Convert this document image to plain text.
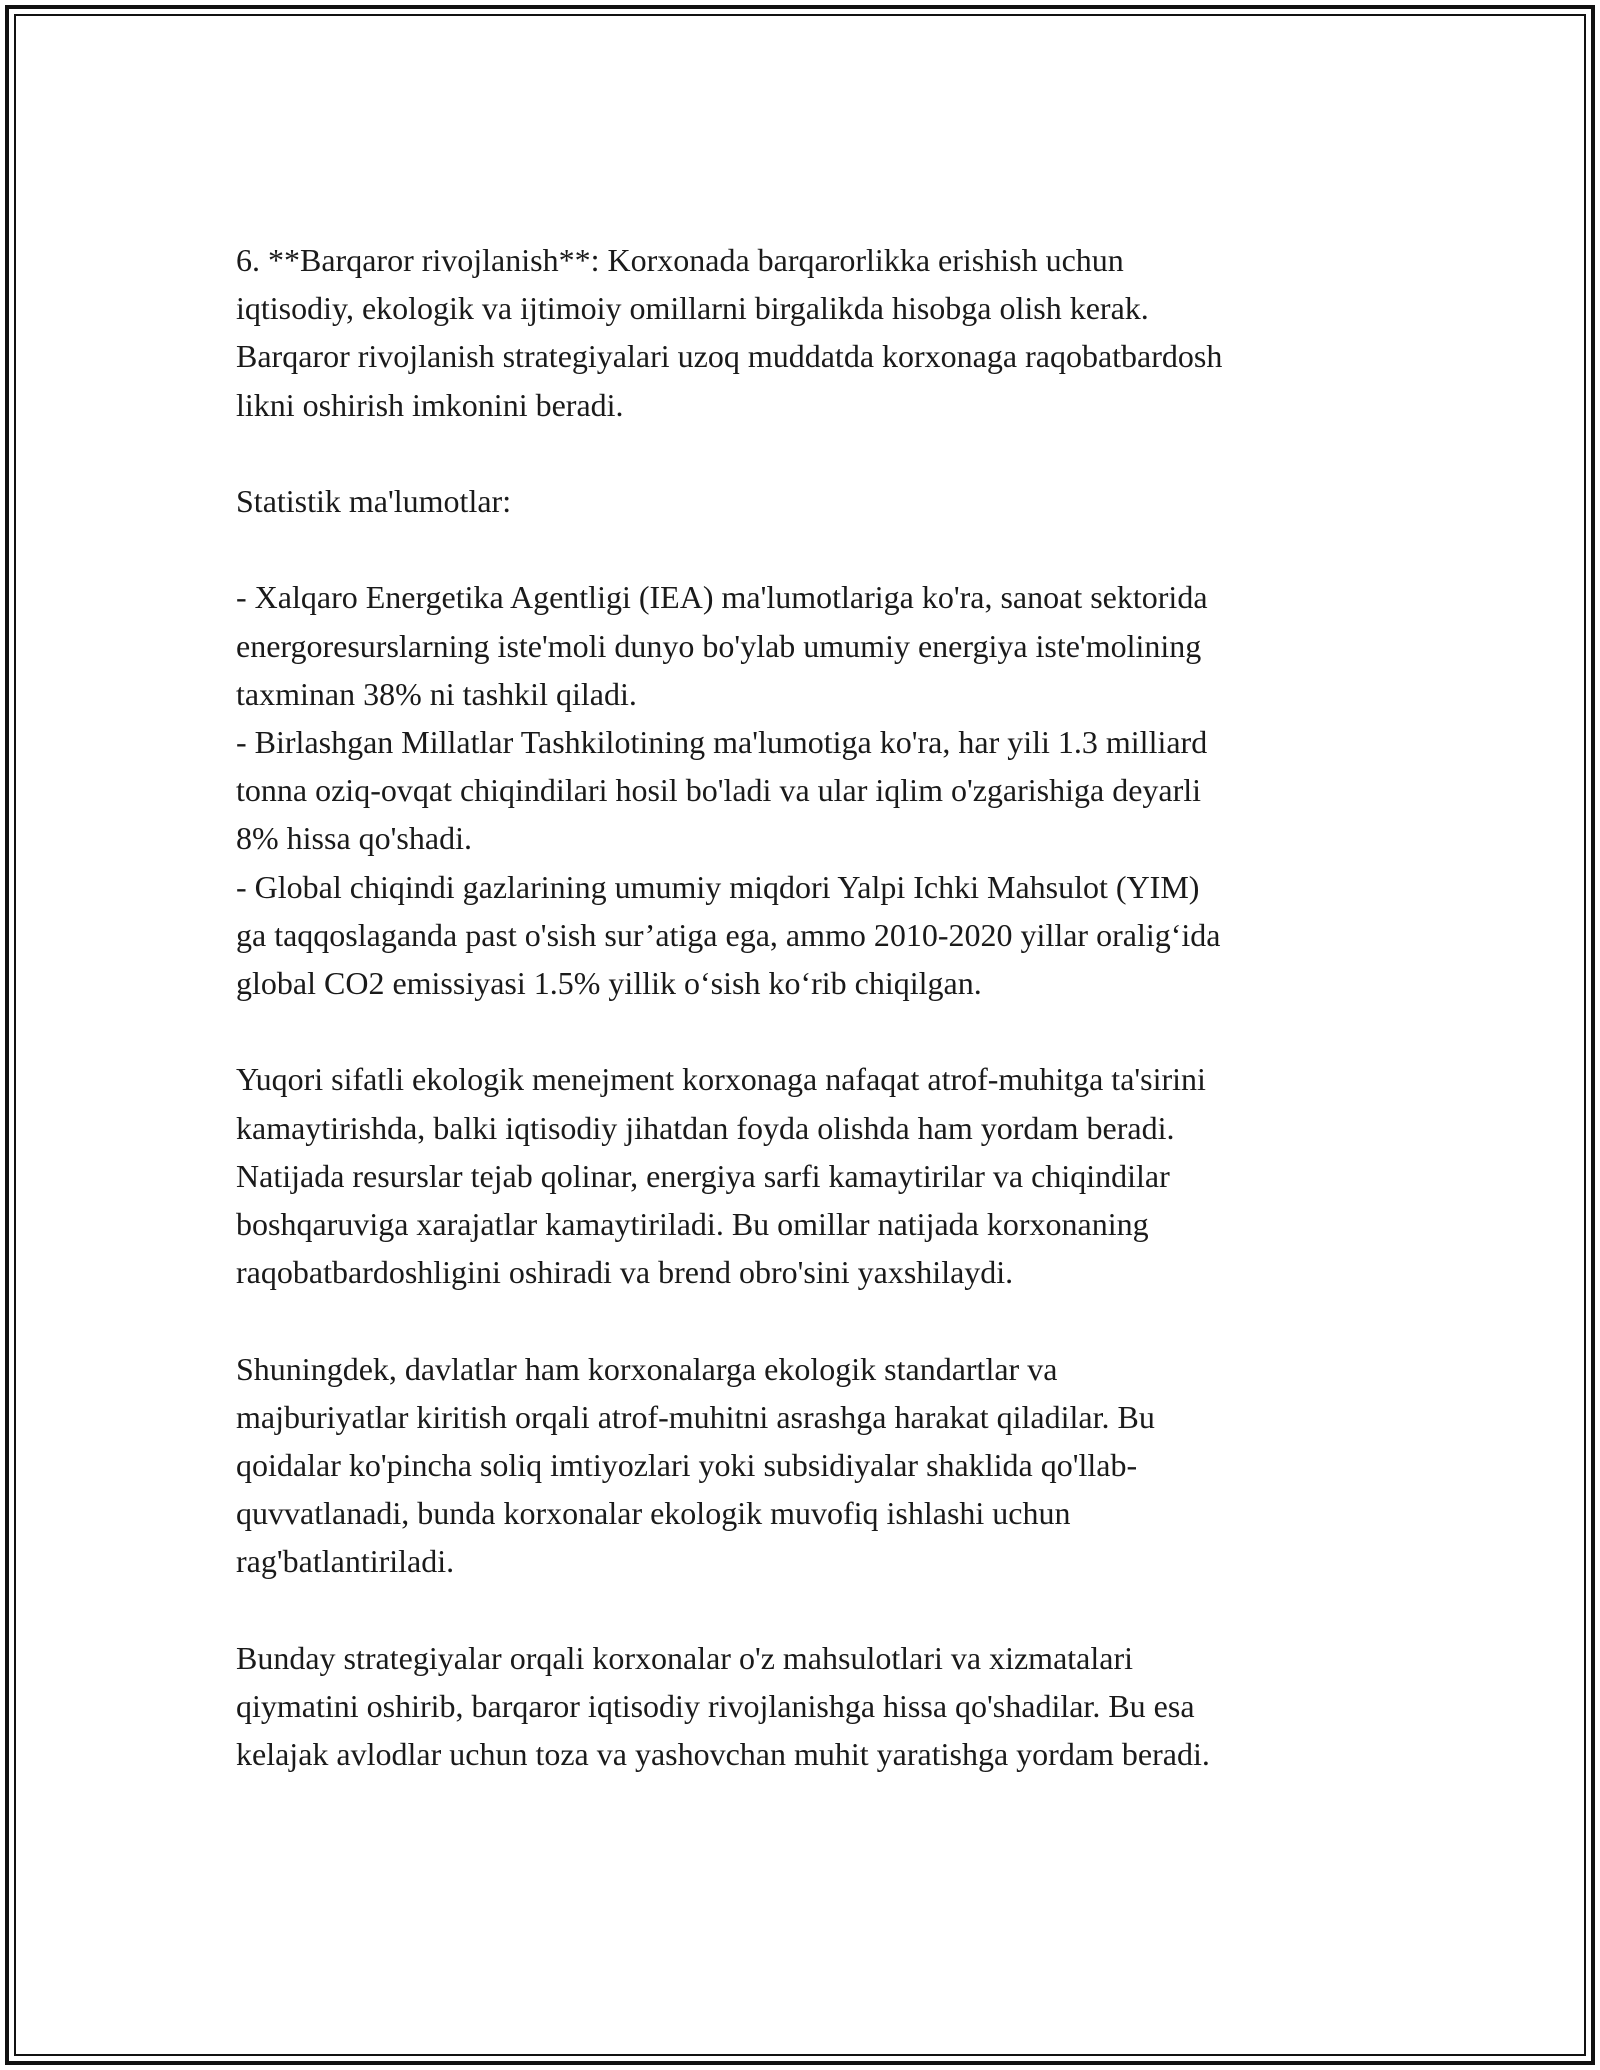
6. **Barqaror rivojlanish**: Korxonada barqarorlikka erishish uchun

iqtisodiy, ekologik va ijtimoiy omillarni birgalikda hisobga olish kerak.

Barqaror rivojlanish strategiyalari uzoq muddatda korxonaga raqobatbardosh

likni oshirish imkonini beradi.

Statistik ma'lumotlar:

- Xalqaro Energetika Agentligi (IEA) ma'lumotlariga ko'ra, sanoat sektorida

energoresurslarning iste'moli dunyo bo'ylab umumiy energiya iste'molining

taxminan 38% ni tashkil qiladi.

- Birlashgan Millatlar Tashkilotining ma'lumotiga ko'ra, har yili 1.3 milliard

tonna oziq-ovqat chiqindilari hosil bo'ladi va ular iqlim o'zgarishiga deyarli

8% hissa qo'shadi.

- Global chiqindi gazlarining umumiy miqdori Yalpi Ichki Mahsulot (YIM)

ga taqqoslaganda past o'sish sur’atiga ega, ammo 2010-2020 yillar oralig‘ida

global CO2 emissiyasi 1.5% yillik o‘sish ko‘rib chiqilgan.

Yuqori sifatli ekologik menejment korxonaga nafaqat atrof-muhitga ta'sirini

kamaytirishda, balki iqtisodiy jihatdan foyda olishda ham yordam beradi.

Natijada resurslar tejab qolinar, energiya sarfi kamaytirilar va chiqindilar

boshqaruviga xarajatlar kamaytiriladi. Bu omillar natijada korxonaning

raqobatbardoshligini oshiradi va brend obro'sini yaxshilaydi.

Shuningdek, davlatlar ham korxonalarga ekologik standartlar va

majburiyatlar kiritish orqali atrof-muhitni asrashga harakat qiladilar. Bu

qoidalar ko'pincha soliq imtiyozlari yoki subsidiyalar shaklida qo'llab-

quvvatlanadi, bunda korxonalar ekologik muvofiq ishlashi uchun

rag'batlantiriladi.

Bunday strategiyalar orqali korxonalar o'z mahsulotlari va xizmatalari

qiymatini oshirib, barqaror iqtisodiy rivojlanishga hissa qo'shadilar. Bu esa

kelajak avlodlar uchun toza va yashovchan muhit yaratishga yordam beradi.
